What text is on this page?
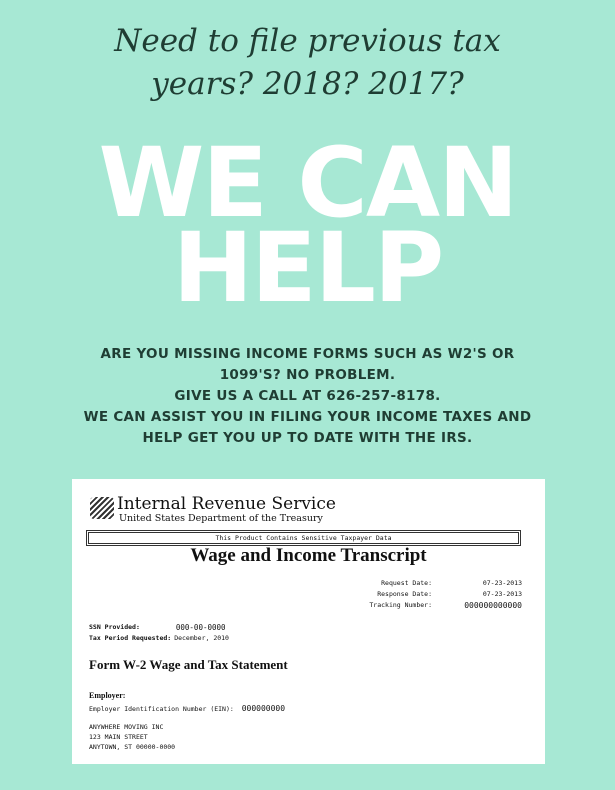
Need to file previous tax
years? 2018? 2017?
WE CAN
HELP
ARE YOU MISSING INCOME FORMS SUCH AS W2'S OR
1099'S? NO PROBLEM.
GIVE US A CALL AT 626-257-8178.
WE CAN ASSIST YOU IN FILING YOUR INCOME TAXES AND
HELP GET YOU UP TO DATE WITH THE IRS.
Internal Revenue Service
United States Department of the Treasury
This Product Contains Sensitive Taxpayer Data
Wage and Income Transcript
Request Date:	07-23-2013
Response Date:	07-23-2013
Tracking Number:	000000000000
SSN Provided:	000-00-0000
Tax Period Requested: December, 2010
Form W-2 Wage and Tax Statement
Employer:
Employer Identification Number (EIN): 000000000
ANYWHERE MOVING INC
123 MAIN STREET
ANYTOWN, ST 00000-0000
